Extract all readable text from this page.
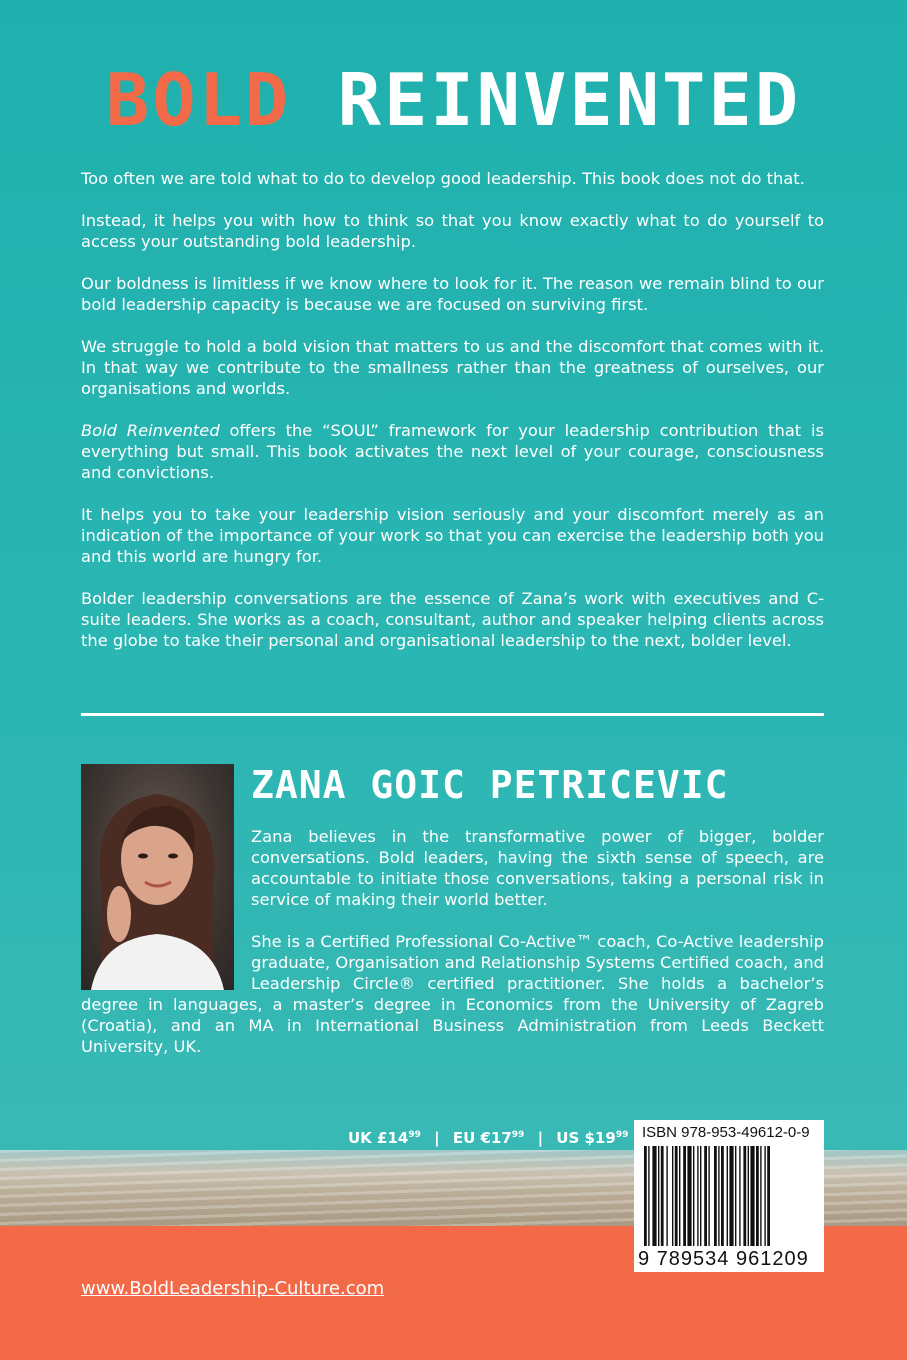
BOLD REINVENTED

Too often we are told what to do to develop good leadership. This book does not do that.

Instead, it helps you with how to think so that you know exactly what to do yourself to access your outstanding bold leadership.

Our boldness is limitless if we know where to look for it. The reason we remain blind to our bold leadership capacity is because we are focused on surviving first.

We struggle to hold a bold vision that matters to us and the discomfort that comes with it. In that way we contribute to the smallness rather than the greatness of ourselves, our organisations and worlds.

Bold Reinvented offers the “SOUL” framework for your leadership contribution that is everything but small. This book activates the next level of your courage, consciousness and convictions.

It helps you to take your leadership vision seriously and your discomfort merely as an indication of the importance of your work so that you can exercise the leadership both you and this world are hungry for.

Bolder leadership conversations are the essence of Zana’s work with executives and C-suite leaders. She works as a coach, consultant, author and speaker helping clients across the globe to take their personal and organisational leadership to the next, bolder level.

ZANA GOIC PETRICEVIC

Zana believes in the transformative power of bigger, bolder conversations. Bold leaders, having the sixth sense of speech, are accountable to initiate those conversations, taking a personal risk in service of making their world better.

She is a Certified Professional Co-Active™ coach, Co-Active leadership graduate, Organisation and Relationship Systems Certified coach, and Leadership Circle® certified practitioner. She holds a bachelor’s degree in languages, a master’s degree in Economics from the University of Zagreb (Croatia), and an MA in International Business Administration from Leeds Beckett University, UK.

UK $£14^{99}$ | EU $€17^{99}$ | US $\$19^{99}$ ISBN 978-953-49612-0-9
9 789534 961209
www.BoldLeadership-Culture.com
